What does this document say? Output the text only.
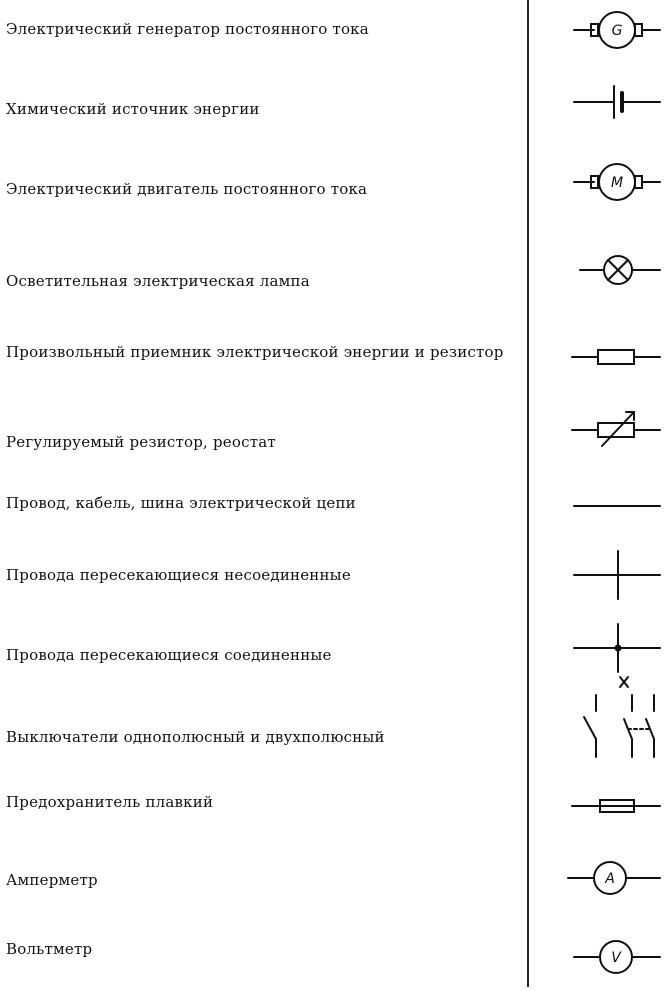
Электрический генератор постоянного тока	G
Химический источник энергии
Электрический двигатель постоянного тока	M
Осветительная электрическая лампа
Произвольный приемник электрической энергии и резистор
Регулируемый резистор, реостат
Провод, кабель, шина электрической цепи
Провода пересекающиеся несоединенные
Провода пересекающиеся соединенные
Выключатели однополюсный и двухполюсный
Предохранитель плавкий
Амперметр	A
Вольтметр	V
